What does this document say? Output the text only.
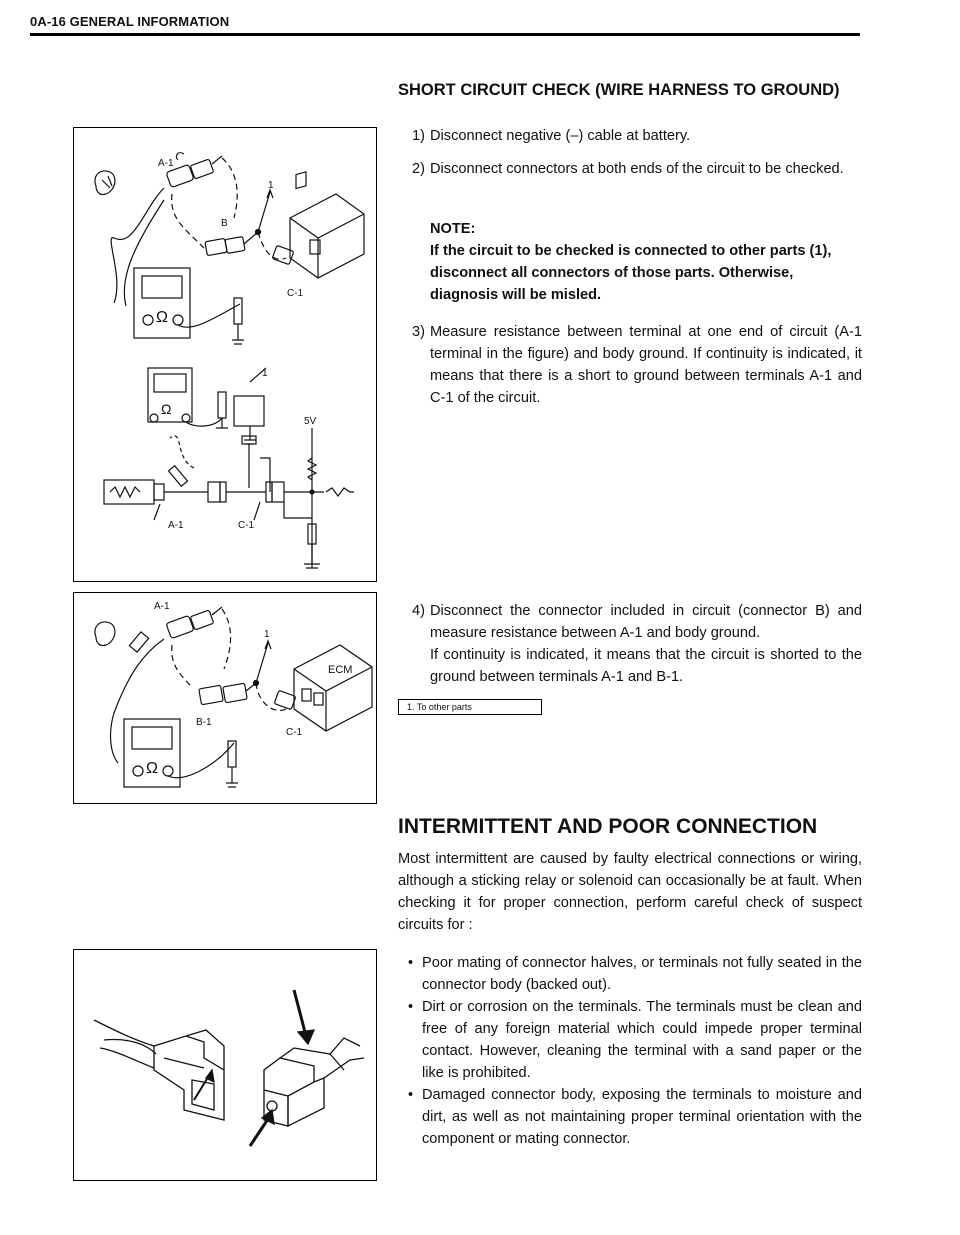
0A-16 GENERAL INFORMATION
Ω
Ω
A-1
1
B
C-1
1
5V
A-1	C-1
Ω
A-1
1
ECM
B-1
C-1
SHORT CIRCUIT CHECK (WIRE HARNESS TO GROUND)
1) Disconnect negative (–) cable at battery.
2) Disconnect connectors at both ends of the circuit to be checked.
NOTE:
If the circuit to be checked is connected to other parts (1), disconnect all connectors of those parts. Otherwise, diagnosis will be misled.
3) Measure resistance between terminal at one end of circuit (A-1 terminal in the figure) and body ground. If continuity is indicated, it means that there is a short to ground between terminals A-1 and C-1 of the circuit.
4) Disconnect the connector included in circuit (connector B) and measure resistance between A-1 and body ground.
If continuity is indicated, it means that the circuit is shorted to the ground between terminals A-1 and B-1.
1. To other parts
INTERMITTENT AND POOR CONNECTION
Most intermittent are caused by faulty electrical connections or wiring, although a sticking relay or solenoid can occasionally be at fault. When checking it for proper connection, perform careful check of suspect circuits for :
• Poor mating of connector halves, or terminals not fully seated in the connector body (backed out).
• Dirt or corrosion on the terminals. The terminals must be clean and free of any foreign material which could impede proper terminal contact. However, cleaning the terminal with a sand paper or the like is prohibited.
• Damaged connector body, exposing the terminals to moisture and dirt, as well as not maintaining proper terminal orientation with the component or mating connector.
